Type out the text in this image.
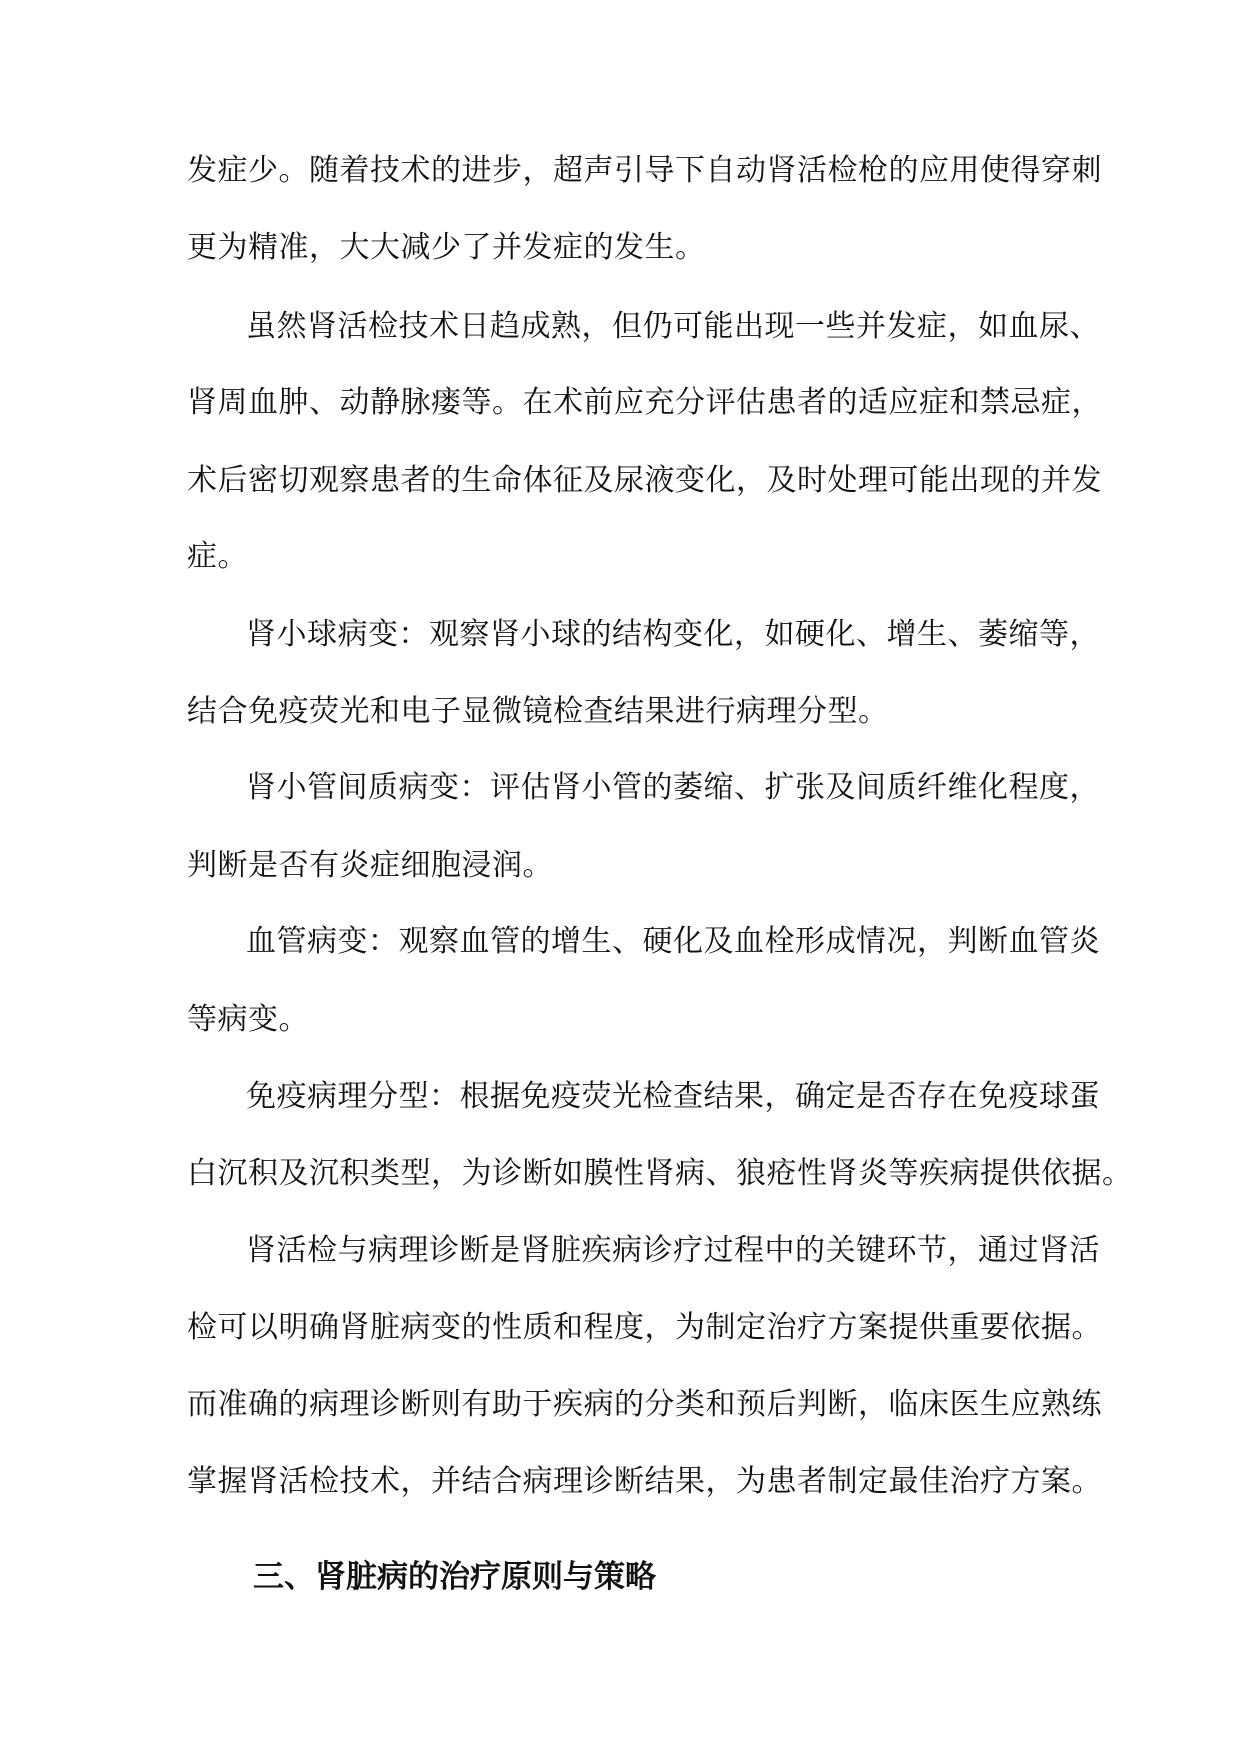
发症少。随着技术的进步，超声引导下自动肾活检枪的应用使得穿刺
更为精准，大大减少了并发症的发生。
虽然肾活检技术日趋成熟，但仍可能出现一些并发症，如血尿、
肾周血肿、动静脉瘘等。在术前应充分评估患者的适应症和禁忌症，
术后密切观察患者的生命体征及尿液变化，及时处理可能出现的并发
症。
肾小球病变：观察肾小球的结构变化，如硬化、增生、萎缩等，
结合免疫荧光和电子显微镜检查结果进行病理分型。
肾小管间质病变：评估肾小管的萎缩、扩张及间质纤维化程度，
判断是否有炎症细胞浸润。
血管病变：观察血管的增生、硬化及血栓形成情况，判断血管炎
等病变。
免疫病理分型：根据免疫荧光检查结果，确定是否存在免疫球蛋
白沉积及沉积类型，为诊断如膜性肾病、狼疮性肾炎等疾病提供依据。
肾活检与病理诊断是肾脏疾病诊疗过程中的关键环节，通过肾活
检可以明确肾脏病变的性质和程度，为制定治疗方案提供重要依据。
而准确的病理诊断则有助于疾病的分类和预后判断，临床医生应熟练
掌握肾活检技术，并结合病理诊断结果，为患者制定最佳治疗方案。
三、肾脏病的治疗原则与策略
